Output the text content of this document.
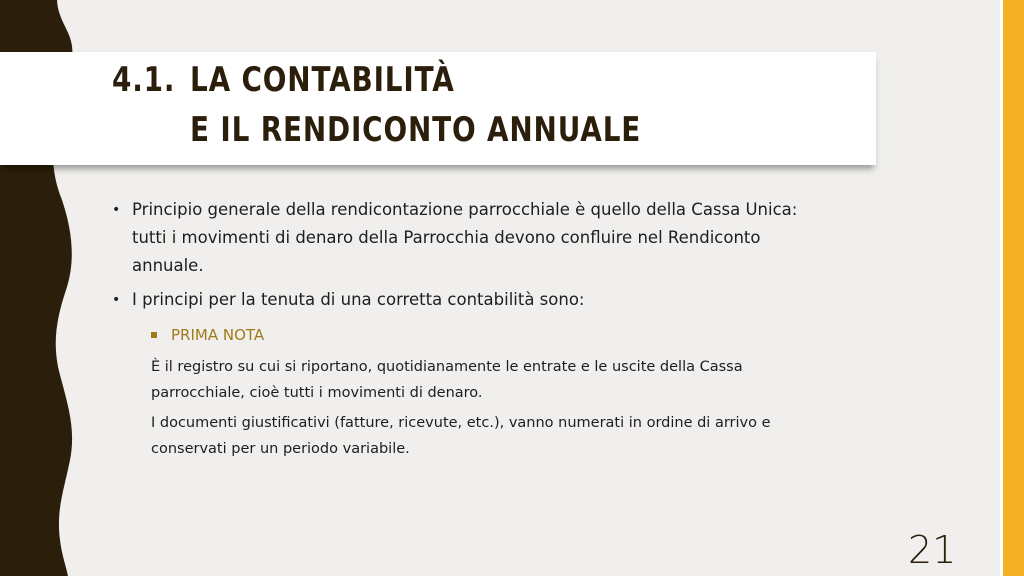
4.1. LA CONTABILITÀ
E IL RENDICONTO ANNUALE
• Principio generale della rendicontazione parrocchiale è quello della Cassa Unica: tutti i movimenti di denaro della Parrocchia devono confluire nel Rendiconto annuale.
• I principi per la tenuta di una corretta contabilità sono:
PRIMA NOTA
È il registro su cui si riportano, quotidianamente le entrate e le uscite della Cassa parrocchiale, cioè tutti i movimenti di denaro.
I documenti giustificativi (fatture, ricevute, etc.), vanno numerati in ordine di arrivo e conservati per un periodo variabile.
21
